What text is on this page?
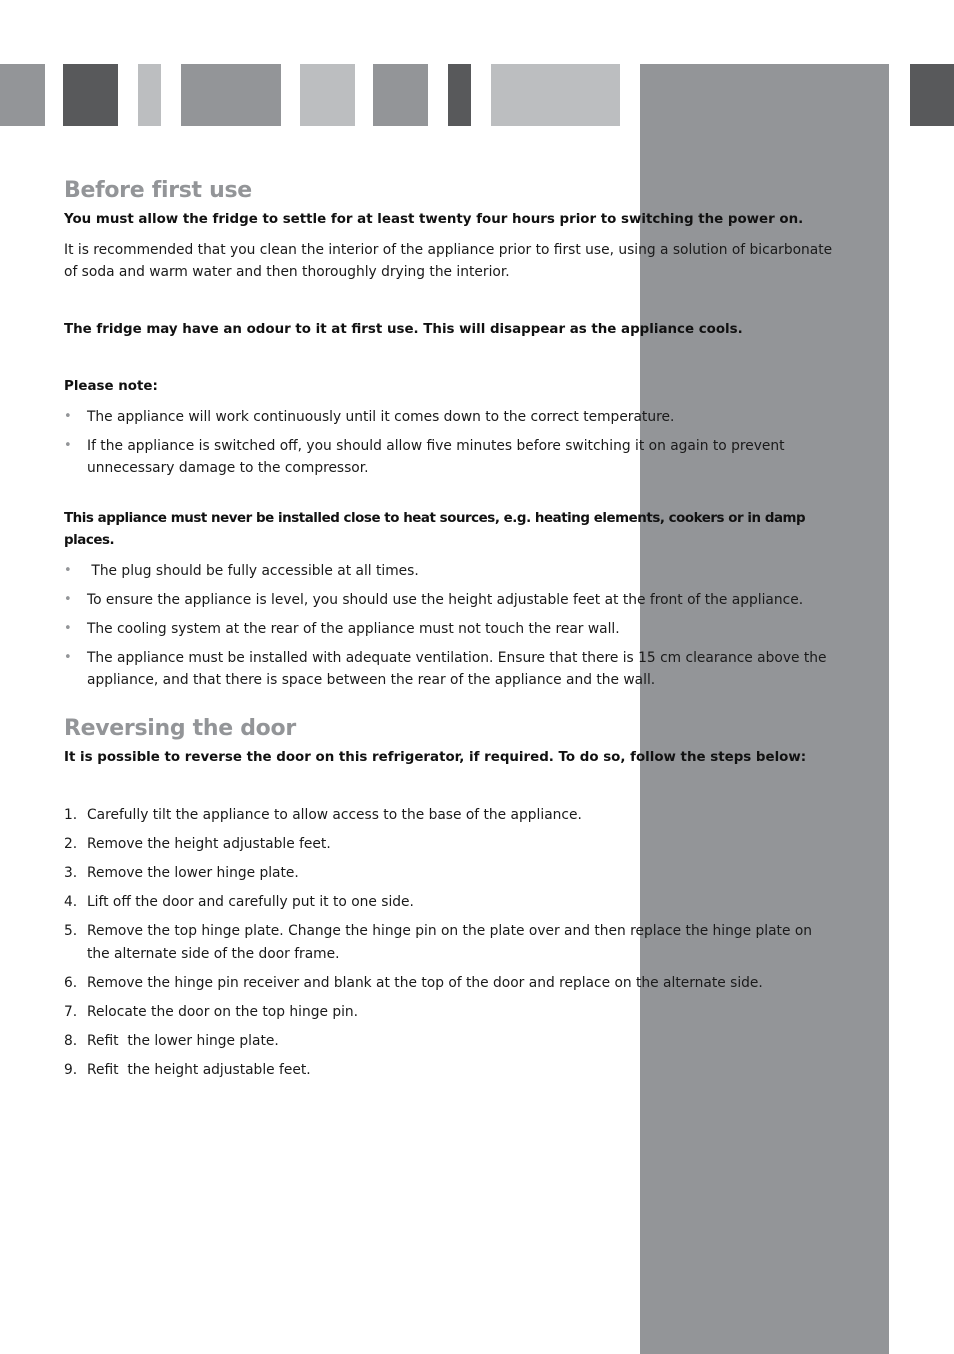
Before first use

You must allow the fridge to settle for at least twenty four hours prior to switching the power on.

It is recommended that you clean the interior of the appliance prior to first use, using a solution of bicarbonate of soda and warm water and then thoroughly drying the interior.

The fridge may have an odour to it at first use. This will disappear as the appliance cools.

Please note:

• The appliance will work continuously until it comes down to the correct temperature.
• If the appliance is switched off, you should allow five minutes before switching it on again to prevent unnecessary damage to the compressor.

This appliance must never be installed close to heat sources, e.g. heating elements, cookers or in damp places.

• The plug should be fully accessible at all times.
• To ensure the appliance is level, you should use the height adjustable feet at the front of the appliance.
• The cooling system at the rear of the appliance must not touch the rear wall.
• The appliance must be installed with adequate ventilation. Ensure that there is 15 cm clearance above the appliance, and that there is space between the rear of the appliance and the wall.
Reversing the door

It is possible to reverse the door on this refrigerator, if required. To do so, follow the steps below:

1. Carefully tilt the appliance to allow access to the base of the appliance.
2. Remove the height adjustable feet.
3. Remove the lower hinge plate.
4. Lift off the door and carefully put it to one side.
5. Remove the top hinge plate. Change the hinge pin on the plate over and then replace the hinge plate on the alternate side of the door frame.
6. Remove the hinge pin receiver and blank at the top of the door and replace on the alternate side.
7. Relocate the door on the top hinge pin.
8. Refit  the lower hinge plate.
9. Refit  the height adjustable feet.
